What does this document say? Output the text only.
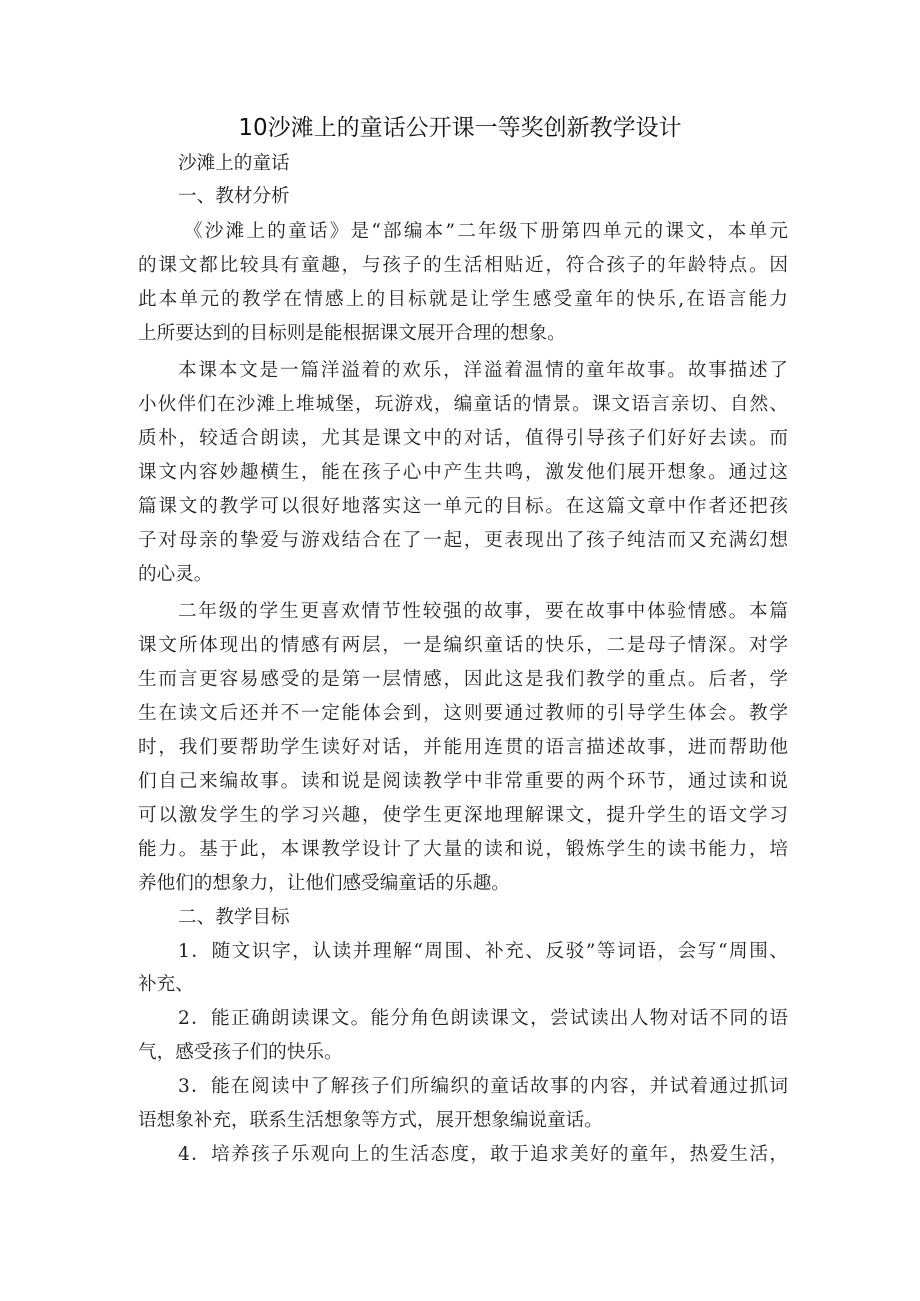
10沙滩上的童话公开课一等奖创新教学设计
沙滩上的童话
一、教材分析
《沙滩上的童话》是“部编本”二年级下册第四单元的课文，本单元
的课文都比较具有童趣，与孩子的生活相贴近，符合孩子的年龄特点。因
此本单元的教学在情感上的目标就是让学生感受童年的快乐,在语言能力
上所要达到的目标则是能根据课文展开合理的想象。
本课本文是一篇洋溢着的欢乐，洋溢着温情的童年故事。故事描述了
小伙伴们在沙滩上堆城堡，玩游戏，编童话的情景。课文语言亲切、自然、
质朴，较适合朗读，尤其是课文中的对话，值得引导孩子们好好去读。而
课文内容妙趣横生，能在孩子心中产生共鸣，激发他们展开想象。通过这
篇课文的教学可以很好地落实这一单元的目标。在这篇文章中作者还把孩
子对母亲的挚爱与游戏结合在了一起，更表现出了孩子纯洁而又充满幻想
的心灵。
二年级的学生更喜欢情节性较强的故事，要在故事中体验情感。本篇
课文所体现出的情感有两层，一是编织童话的快乐，二是母子情深。对学
生而言更容易感受的是第一层情感，因此这是我们教学的重点。后者，学
生在读文后还并不一定能体会到，这则要通过教师的引导学生体会。教学
时，我们要帮助学生读好对话，并能用连贯的语言描述故事，进而帮助他
们自己来编故事。读和说是阅读教学中非常重要的两个环节，通过读和说
可以激发学生的学习兴趣，使学生更深地理解课文，提升学生的语文学习
能力。基于此，本课教学设计了大量的读和说，锻炼学生的读书能力，培
养他们的想象力，让他们感受编童话的乐趣。
二、教学目标
1．随文识字，认读并理解“周围、补充、反驳”等词语，会写“周围、
补充、
2．能正确朗读课文。能分角色朗读课文，尝试读出人物对话不同的语
气，感受孩子们的快乐。
3．能在阅读中了解孩子们所编织的童话故事的内容，并试着通过抓词
语想象补充，联系生活想象等方式，展开想象编说童话。
4．培养孩子乐观向上的生活态度，敢于追求美好的童年，热爱生活，
